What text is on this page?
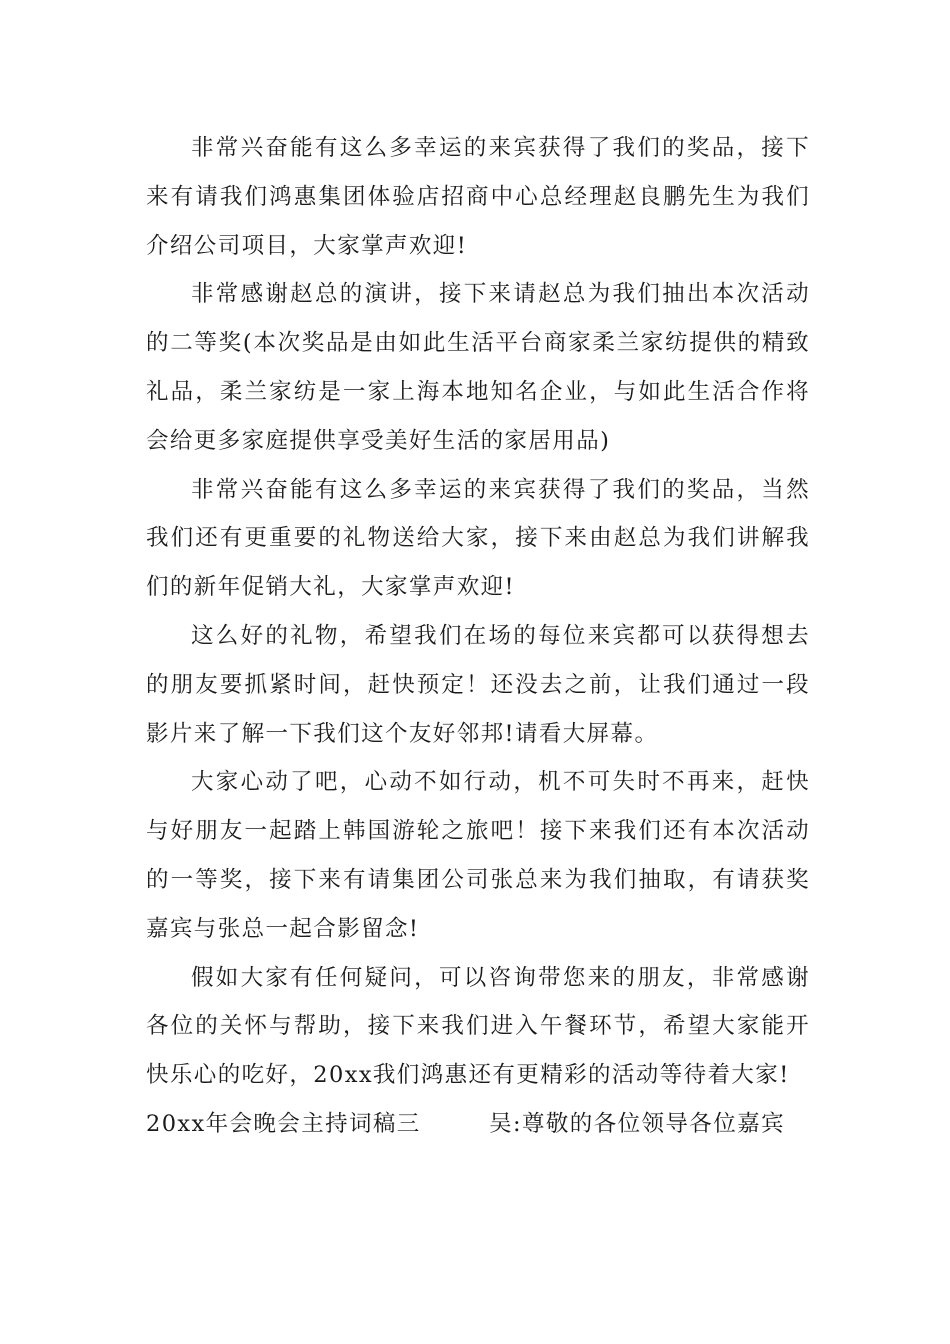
非常兴奋能有这么多幸运的来宾获得了我们的奖品，接下来有请我们鸿惠集团体验店招商中心总经理赵良鹏先生为我们介绍公司项目，大家掌声欢迎!

非常感谢赵总的演讲，接下来请赵总为我们抽出本次活动的二等奖(本次奖品是由如此生活平台商家柔兰家纺提供的精致礼品，柔兰家纺是一家上海本地知名企业，与如此生活合作将会给更多家庭提供享受美好生活的家居用品)

非常兴奋能有这么多幸运的来宾获得了我们的奖品，当然我们还有更重要的礼物送给大家，接下来由赵总为我们讲解我们的新年促销大礼，大家掌声欢迎!

这么好的礼物，希望我们在场的每位来宾都可以获得想去的朋友要抓紧时间，赶快预定！还没去之前，让我们通过一段影片来了解一下我们这个友好邻邦!请看大屏幕。

大家心动了吧，心动不如行动，机不可失时不再来，赶快与好朋友一起踏上韩国游轮之旅吧！接下来我们还有本次活动的一等奖，接下来有请集团公司张总来为我们抽取，有请获奖嘉宾与张总一起合影留念!

假如大家有任何疑问，可以咨询带您来的朋友，非常感谢各位的关怀与帮助，接下来我们进入午餐环节，希望大家能开快乐心的吃好，20xx我们鸿惠还有更精彩的活动等待着大家!

20xx年会晚会主持词稿三        吴:尊敬的各位领导各位嘉宾
